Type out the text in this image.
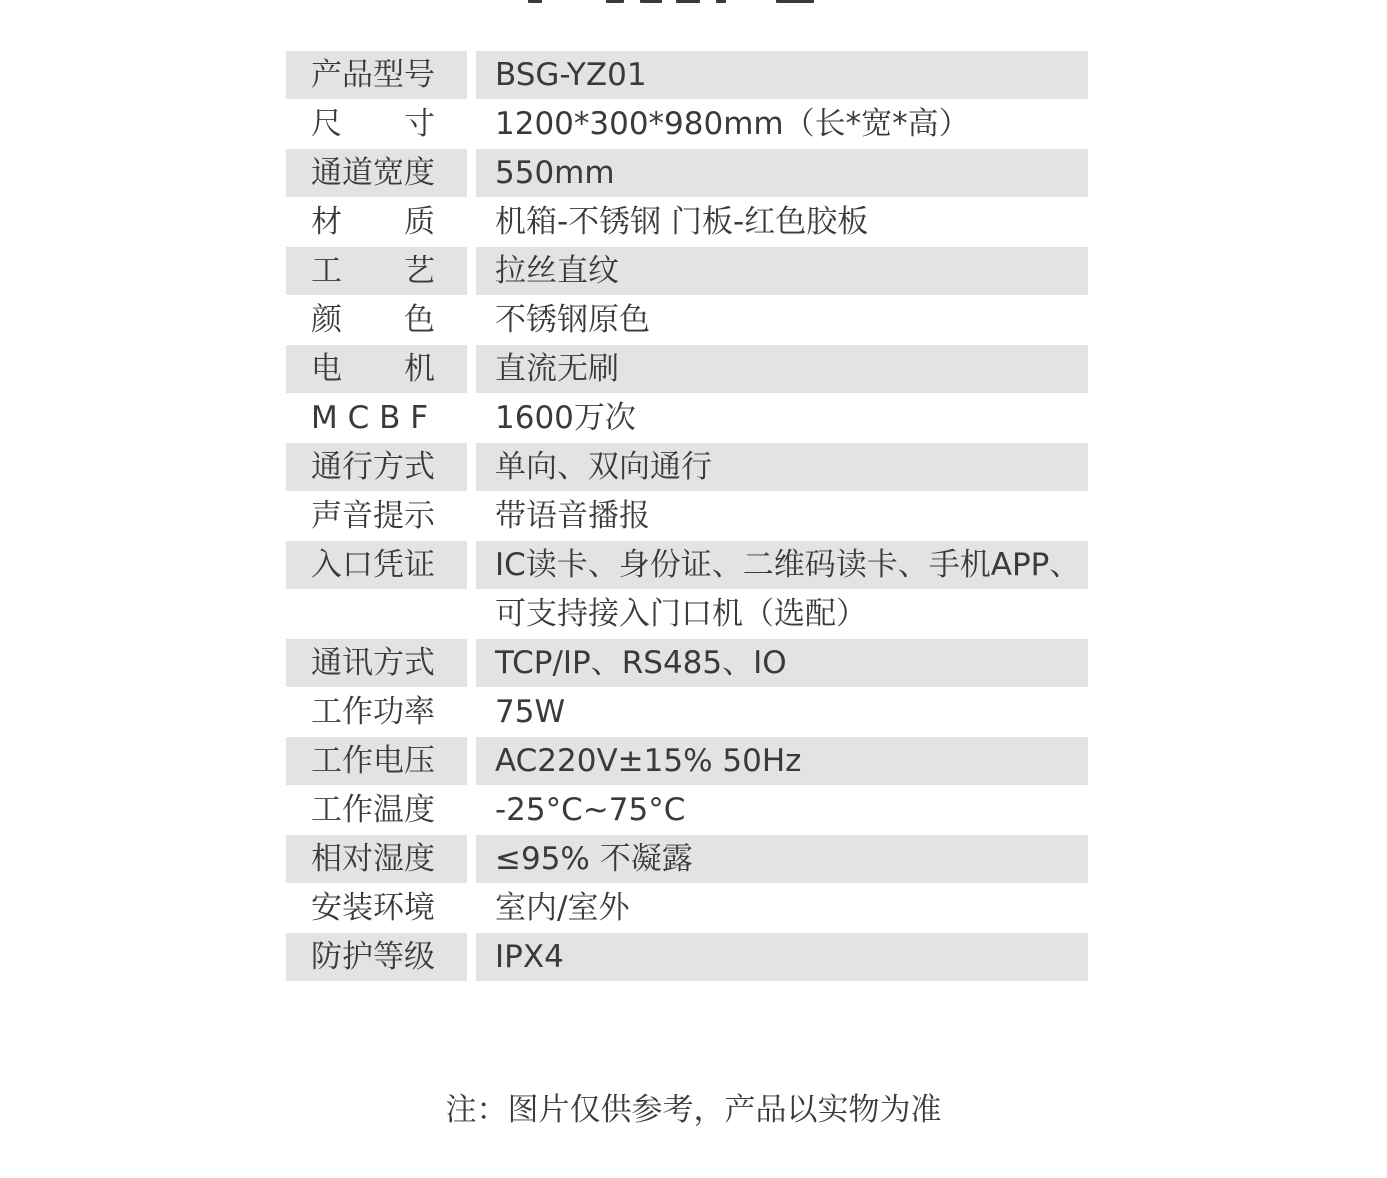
产品型号	BSG-YZ01
尺　　寸	1200*300*980mm（长*宽*高）
通道宽度	550mm
材　　质	机箱-不锈钢 门板-红色胶板
工　　艺	拉丝直纹
颜　　色	不锈钢原色
电　　机	直流无刷
M C B F	1600万次
通行方式	单向、双向通行
声音提示	带语音播报
入口凭证	IC读卡、身份证、二维码读卡、手机APP、
可支持接入门口机（选配）
通讯方式	TCP/IP、RS485、IO
工作功率	75W
工作电压	AC220V±15% 50Hz
工作温度	-25°C~75°C
相对湿度	≤95% 不凝露
安装环境	室内/室外
防护等级	IPX4
注：图片仅供参考，产品以实物为准
